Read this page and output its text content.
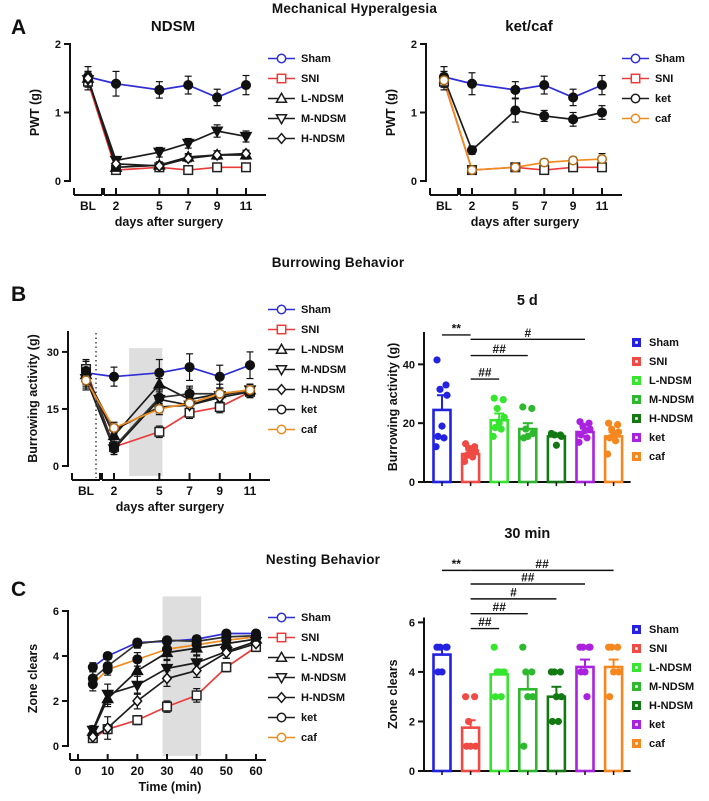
Mechanical Hyperalgesia
A
0
1
2
PWT (g)
2	5 7 9 11
BL
days after surgery
NDSM
Sham
SNI
L-NDSM
M-NDSM
H-NDSM
0
1
2
PWT (g)
2	5 7 9 11
BL
days after surgery
ket/caf
Sham
SNI
ket
caf
Burrowing Behavior
B
0
15
30
Burrowing activity (g)
2	5 7 9 11
BL
days after surgery
Sham
SNI
L-NDSM
M-NDSM
H-NDSM
ket
caf
0
20
40
Burrowing activity (g)
5 d
**
##
##
#
Sham
SNI
L-NDSM
M-NDSM
H-NDSM
ket
caf
Nesting Behavior
C
0
2
4
6
Zone clears
0 10 20 30 40 50 60
Time (min)
Sham
SNI
L-NDSM
M-NDSM
H-NDSM
ket
caf
0
2
4
6
Zone clears
30 min
**
##
##
#
##
##
Sham
SNI
L-NDSM
M-NDSM
H-NDSM
ket
caf
